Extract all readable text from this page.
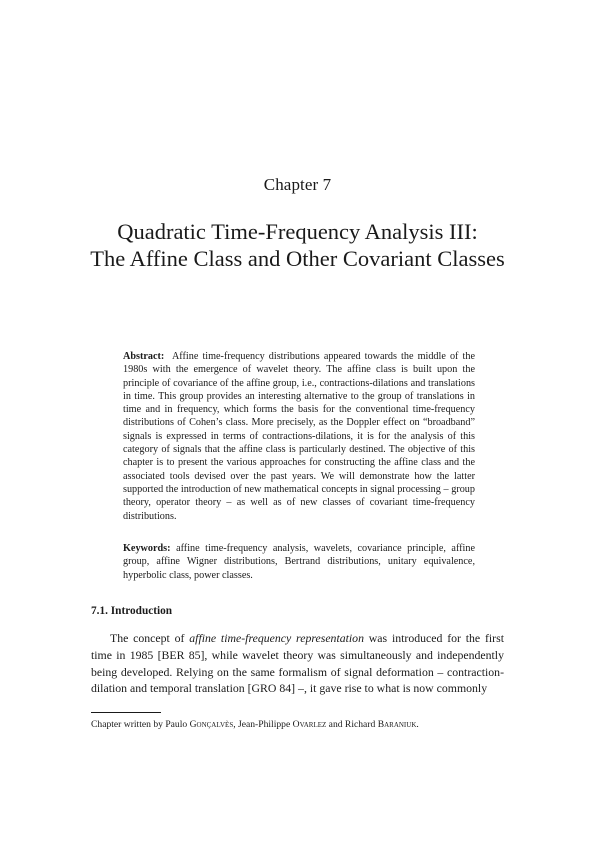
Chapter 7
Quadratic Time-Frequency Analysis III:
The Affine Class and Other Covariant Classes
Abstract: Affine time-frequency distributions appeared towards the middle of the 1980s with the emergence of wavelet theory. The affine class is built upon the principle of covariance of the affine group, i.e., contractions-dilations and translations in time. This group provides an interesting alternative to the group of translations in time and in frequency, which forms the basis for the conventional time-frequency distributions of Cohen’s class. More precisely, as the Doppler effect on “broadband” signals is expressed in terms of contractions-dilations, it is for the analysis of this category of signals that the affine class is particularly destined. The objective of this chapter is to present the various approaches for constructing the affine class and the associated tools devised over the past years. We will demonstrate how the latter supported the introduction of new mathematical concepts in signal processing – group theory, operator theory – as well as of new classes of covariant time-frequency distributions.
Keywords: affine time-frequency analysis, wavelets, covariance principle, affine group, affine Wigner distributions, Bertrand distributions, unitary equivalence, hyperbolic class, power classes.
7.1. Introduction

The concept of affine time-frequency representation was introduced for the first time in 1985 [BER 85], while wavelet theory was simultaneously and independently being developed. Relying on the same formalism of signal deformation – contraction-dilation and temporal translation [GRO 84] –, it gave rise to what is now commonly

Chapter written by Paulo Gonçalvès, Jean-Philippe Ovarlez and Richard Baraniuk.
